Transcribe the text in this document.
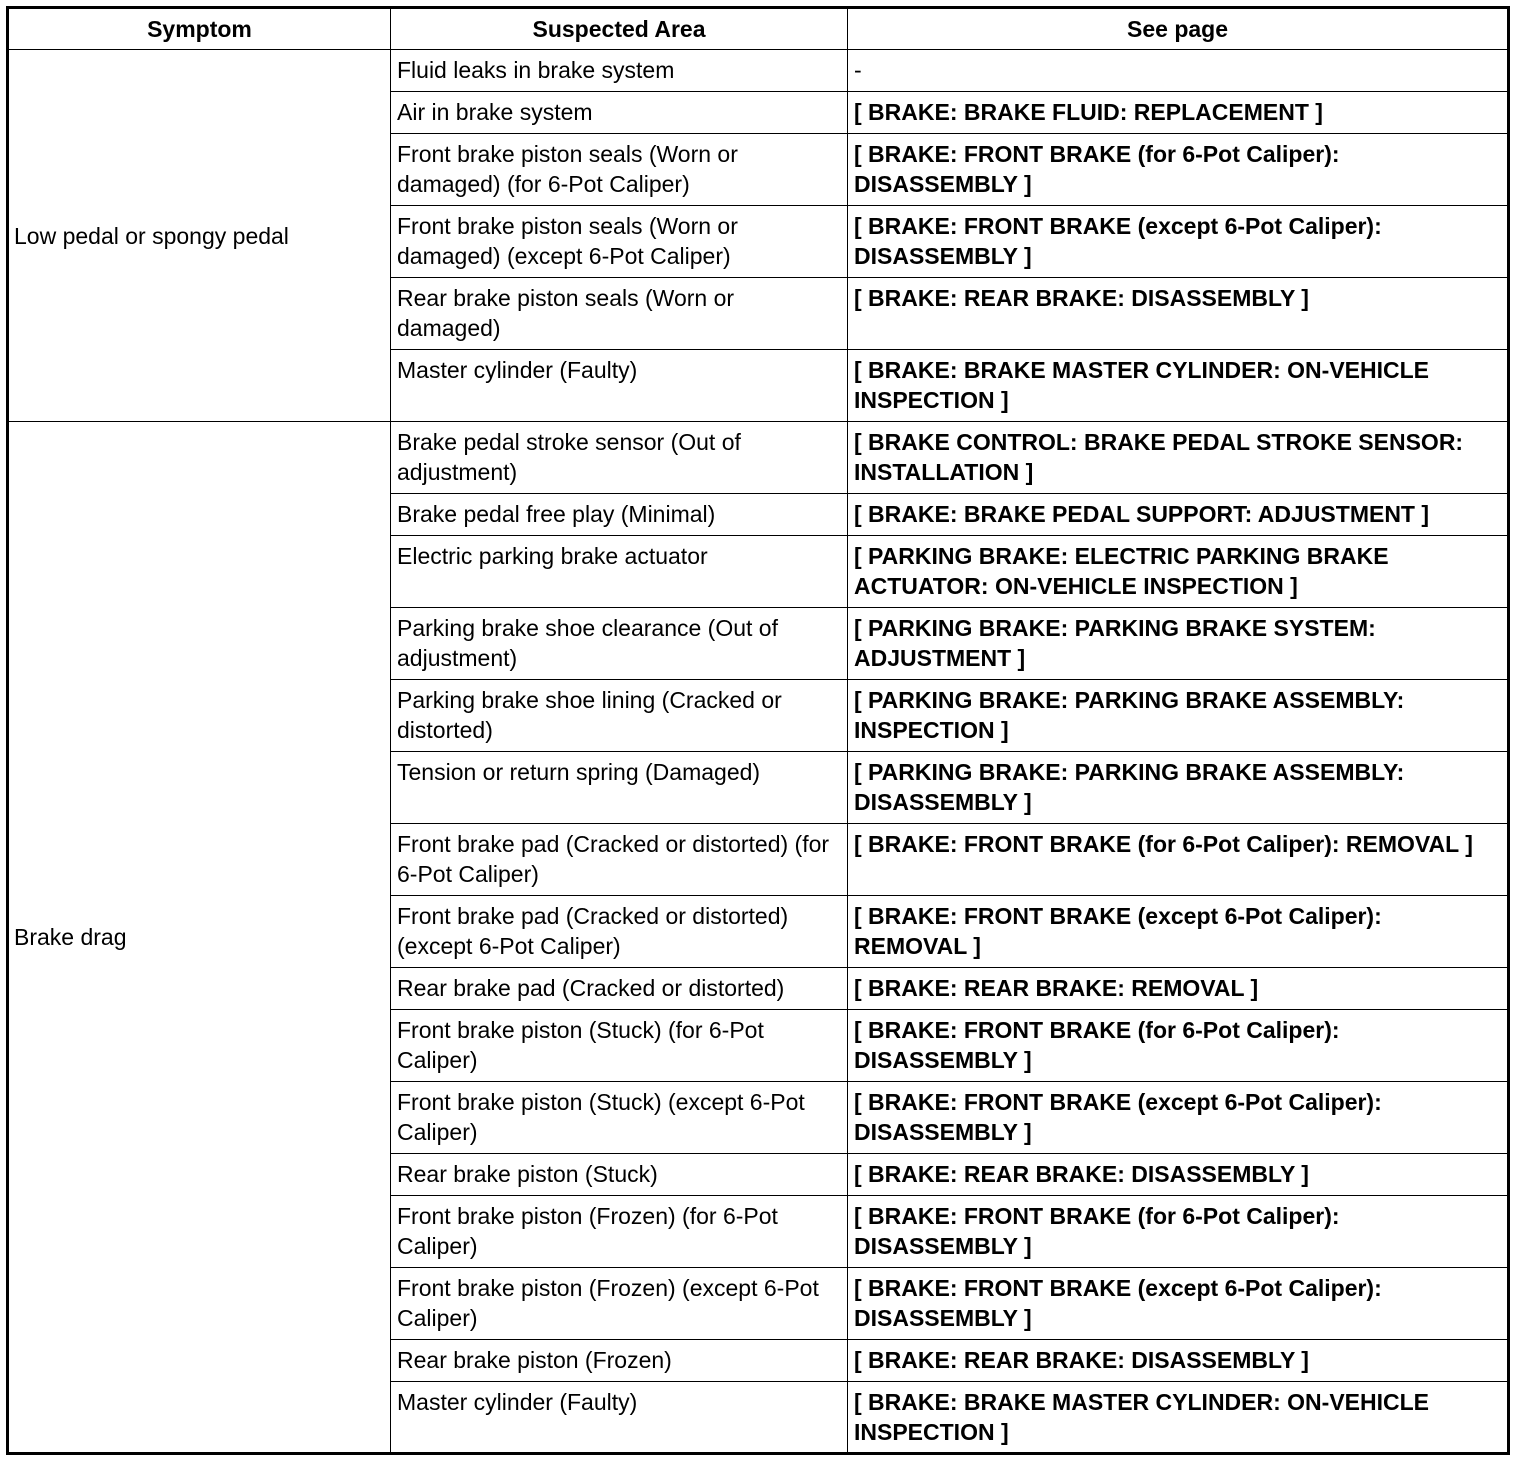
Symptom	Suspected Area	See page
Low pedal or spongy pedal	Fluid leaks in brake system	-
	Air in brake system	[ BRAKE: BRAKE FLUID: REPLACEMENT ]
	Front brake piston seals (Worn or damaged) (for 6-Pot Caliper)	[ BRAKE: FRONT BRAKE (for 6-Pot Caliper): DISASSEMBLY ]
	Front brake piston seals (Worn or damaged) (except 6-Pot Caliper)	[ BRAKE: FRONT BRAKE (except 6-Pot Caliper): DISASSEMBLY ]
	Rear brake piston seals (Worn or damaged)	[ BRAKE: REAR BRAKE: DISASSEMBLY ]
	Master cylinder (Faulty)	[ BRAKE: BRAKE MASTER CYLINDER: ON-VEHICLE INSPECTION ]
Brake drag	Brake pedal stroke sensor (Out of adjustment)	[ BRAKE CONTROL: BRAKE PEDAL STROKE SENSOR: INSTALLATION ]
	Brake pedal free play (Minimal)	[ BRAKE: BRAKE PEDAL SUPPORT: ADJUSTMENT ]
	Electric parking brake actuator	[ PARKING BRAKE: ELECTRIC PARKING BRAKE ACTUATOR: ON-VEHICLE INSPECTION ]
	Parking brake shoe clearance (Out of adjustment)	[ PARKING BRAKE: PARKING BRAKE SYSTEM: ADJUSTMENT ]
	Parking brake shoe lining (Cracked or distorted)	[ PARKING BRAKE: PARKING BRAKE ASSEMBLY: INSPECTION ]
	Tension or return spring (Damaged)	[ PARKING BRAKE: PARKING BRAKE ASSEMBLY: DISASSEMBLY ]
	Front brake pad (Cracked or distorted) (for 6-Pot Caliper)	[ BRAKE: FRONT BRAKE (for 6-Pot Caliper): REMOVAL ]
	Front brake pad (Cracked or distorted) (except 6-Pot Caliper)	[ BRAKE: FRONT BRAKE (except 6-Pot Caliper): REMOVAL ]
	Rear brake pad (Cracked or distorted)	[ BRAKE: REAR BRAKE: REMOVAL ]
	Front brake piston (Stuck) (for 6-Pot Caliper)	[ BRAKE: FRONT BRAKE (for 6-Pot Caliper): DISASSEMBLY ]
	Front brake piston (Stuck) (except 6-Pot Caliper)	[ BRAKE: FRONT BRAKE (except 6-Pot Caliper): DISASSEMBLY ]
	Rear brake piston (Stuck)	[ BRAKE: REAR BRAKE: DISASSEMBLY ]
	Front brake piston (Frozen) (for 6-Pot Caliper)	[ BRAKE: FRONT BRAKE (for 6-Pot Caliper): DISASSEMBLY ]
	Front brake piston (Frozen) (except 6-Pot Caliper)	[ BRAKE: FRONT BRAKE (except 6-Pot Caliper): DISASSEMBLY ]
	Rear brake piston (Frozen)	[ BRAKE: REAR BRAKE: DISASSEMBLY ]
	Master cylinder (Faulty)	[ BRAKE: BRAKE MASTER CYLINDER: ON-VEHICLE INSPECTION ]
